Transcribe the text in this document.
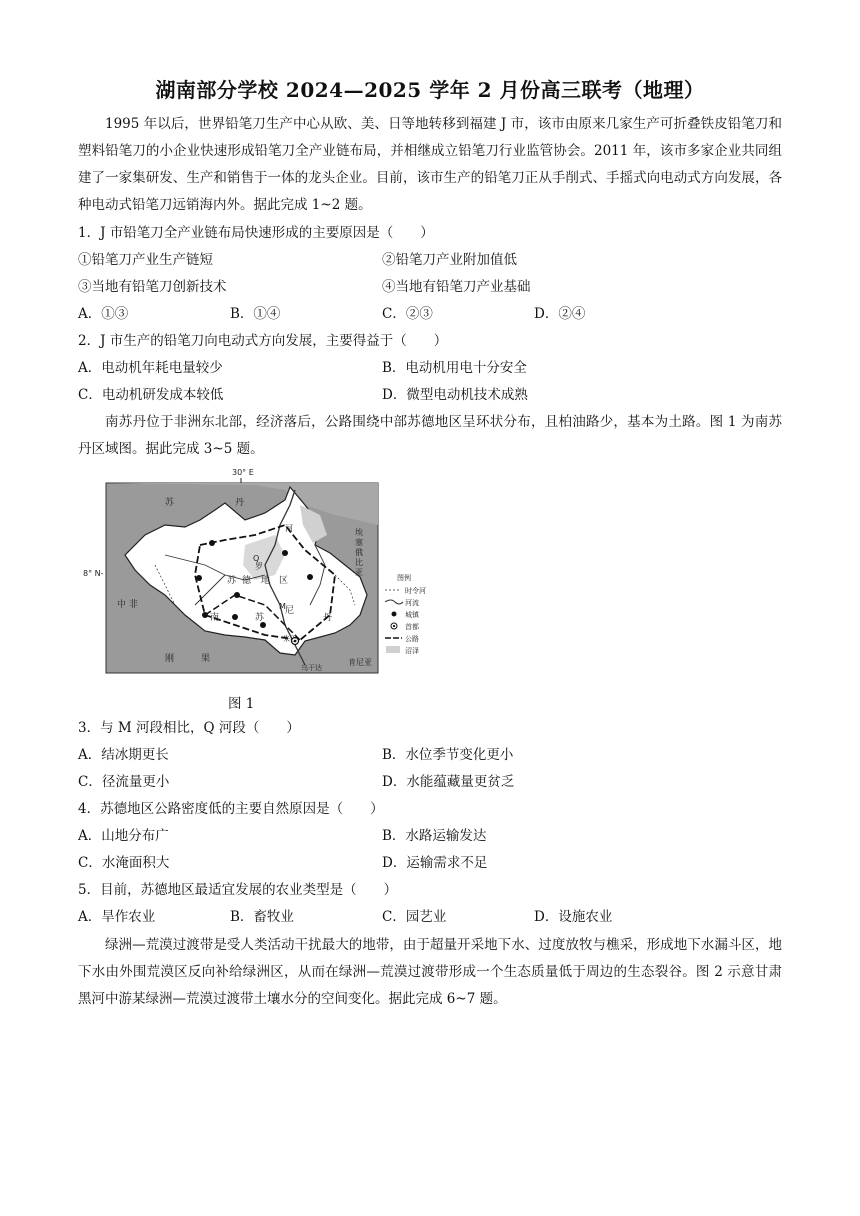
湖南部分学校 2024—2025 学年 2 月份高三联考（地理）
1995 年以后，世界铅笔刀生产中心从欧、美、日等地转移到福建 J 市，该市由原来几家生产可折叠铁皮铅笔刀和塑料铅笔刀的小企业快速形成铅笔刀全产业链布局，并相继成立铅笔刀行业监管协会。2011 年，该市多家企业共同组建了一家集研发、生产和销售于一体的龙头企业。目前，该市生产的铅笔刀正从手削式、手摇式向电动式方向发展，各种电动式铅笔刀远销海内外。据此完成 1~2 题。
1．J 市铅笔刀全产业链布局快速形成的主要原因是（　　）
①铅笔刀产业生产链短	②铅笔刀产业附加值低
③当地有铅笔刀创新技术	④当地有铅笔刀产业基础
A．①③	B．①④	C．②③	D．②④
2．J 市生产的铅笔刀向电动式方向发展，主要得益于（　　）
A．电动机年耗电量较少	B．电动机用电十分安全
C．电动机研发成本较低	D．微型电动机技术成熟
南苏丹位于非洲东北部，经济落后，公路围绕中部苏德地区呈环状分布，且柏油路少，基本为土路。图 1 为南苏丹区域图。据此完成 3~5 题。
30° E
苏	丹
埃
塞
俄
比
亚
中 非
苏 德 地 区
南	苏
尼
丹
河
罗
M
Q
朱巴
刚	果
乌干达
肯尼亚
8° N-	图例
时令河
河流
城镇
首都
公路
沼泽
图 1
3．与 M 河段相比，Q 河段（　　）
A．结冰期更长	B．水位季节变化更小
C．径流量更小	D．水能蕴藏量更贫乏
4．苏德地区公路密度低的主要自然原因是（　　）
A．山地分布广	B．水路运输发达
C．水淹面积大	D．运输需求不足
5．目前，苏德地区最适宜发展的农业类型是（　　）
A．旱作农业	B．畜牧业	C．园艺业	D．设施农业
绿洲—荒漠过渡带是受人类活动干扰最大的地带，由于超量开采地下水、过度放牧与樵采，形成地下水漏斗区，地下水由外围荒漠区反向补给绿洲区，从而在绿洲—荒漠过渡带形成一个生态质量低于周边的生态裂谷。图 2 示意甘肃黑河中游某绿洲—荒漠过渡带土壤水分的空间变化。据此完成 6~7 题。
